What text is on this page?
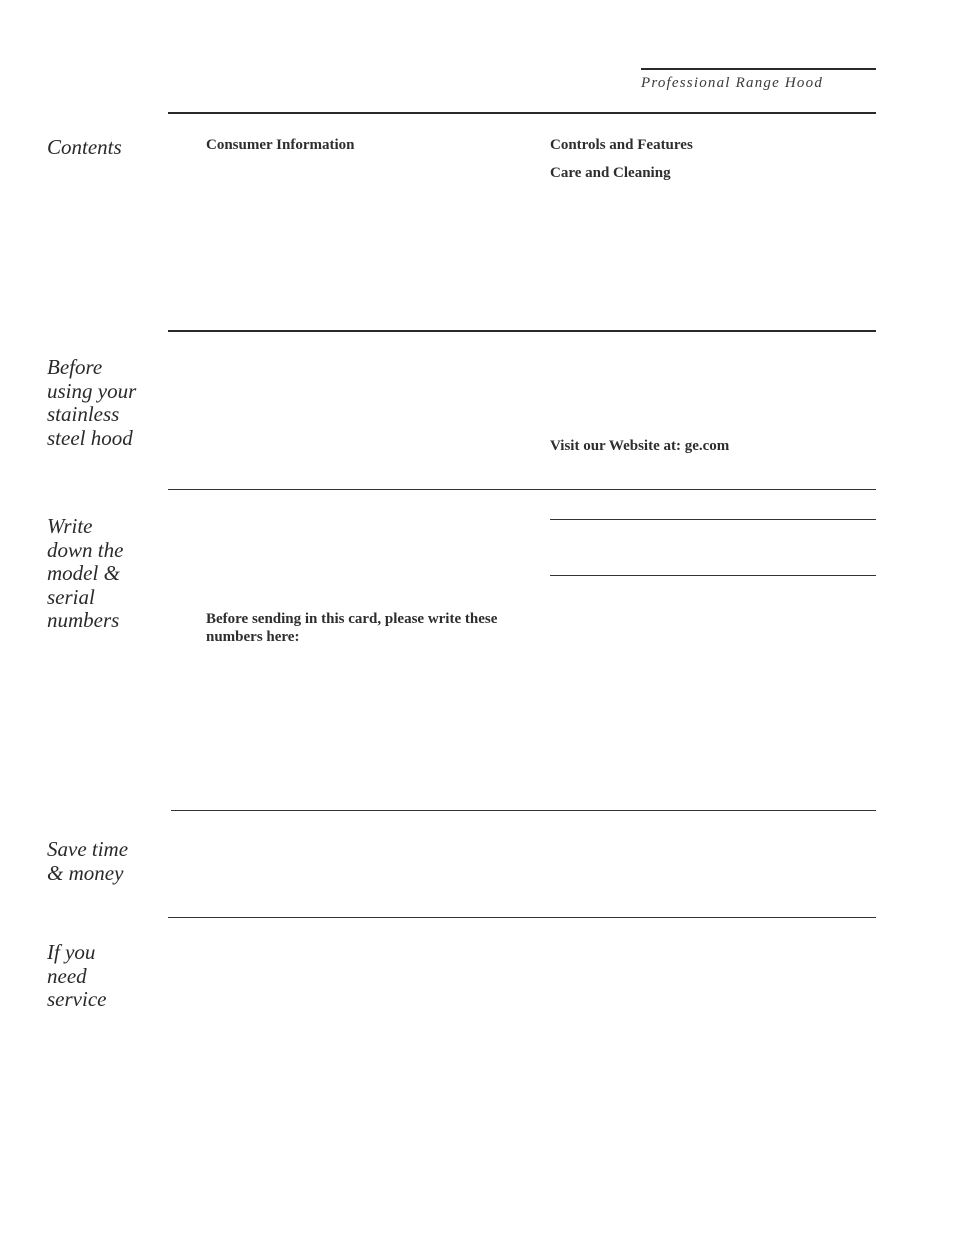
Professional Range Hood
Contents	Consumer Information	Controls and Features
Care and Cleaning
Before
using your
stainless
steel hood	Visit our Website at: ge.com
Write
down the
model &
serial
numbers	Before sending in this card, please write these numbers here:
Save time
& money
If you
need
service
